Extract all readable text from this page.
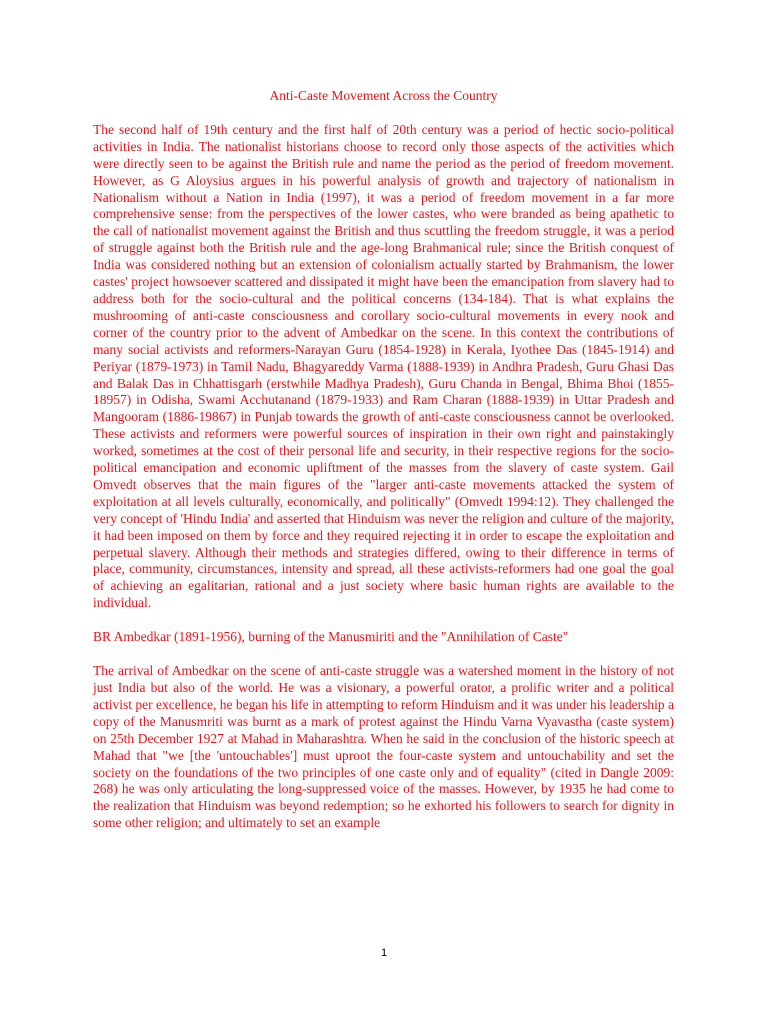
Anti-Caste Movement Across the Country

The second half of 19th century and the first half of 20th century was a period of hectic socio-political activities in India. The nationalist historians choose to record only those aspects of the activities which were directly seen to be against the British rule and name the period as the period of freedom movement. However, as G Aloysius argues in his powerful analysis of growth and trajectory of nationalism in Nationalism without a Nation in India (1997), it was a period of freedom movement in a far more comprehensive sense: from the perspectives of the lower castes, who were branded as being apathetic to the call of nationalist movement against the British and thus scuttling the freedom struggle, it was a period of struggle against both the British rule and the age-long Brahmanical rule; since the British conquest of India was considered nothing but an extension of colonialism actually started by Brahmanism, the lower castes' project howsoever scattered and dissipated it might have been the emancipation from slavery had to address both for the socio-cultural and the political concerns (134-184). That is what explains the mushrooming of anti-caste consciousness and corollary socio-cultural movements in every nook and corner of the country prior to the advent of Ambedkar on the scene. In this context the contributions of many social activists and reformers-Narayan Guru (1854-1928) in Kerala, Iyothee Das (1845-1914) and Periyar (1879-1973) in Tamil Nadu, Bhagyareddy Varma (1888-1939) in Andhra Pradesh, Guru Ghasi Das and Balak Das in Chhattisgarh (erstwhile Madhya Pradesh), Guru Chanda in Bengal, Bhima Bhoi (1855-18957) in Odisha, Swami Acchutanand (1879-1933) and Ram Charan (1888-1939) in Uttar Pradesh and Mangooram (1886-19867) in Punjab towards the growth of anti-caste consciousness cannot be overlooked. These activists and reformers were powerful sources of inspiration in their own right and painstakingly worked, sometimes at the cost of their personal life and security, in their respective regions for the socio-political emancipation and economic upliftment of the masses from the slavery of caste system. Gail Omvedt observes that the main figures of the "larger anti-caste movements attacked the system of exploitation at all levels culturally, economically, and politically" (Omvedt 1994:12). They challenged the very concept of 'Hindu India' and asserted that Hinduism was never the religion and culture of the majority, it had been imposed on them by force and they required rejecting it in order to escape the exploitation and perpetual slavery. Although their methods and strategies differed, owing to their difference in terms of place, community, circumstances, intensity and spread, all these activists-reformers had one goal the goal of achieving an egalitarian, rational and a just society where basic human rights are available to the individual.

BR Ambedkar (1891-1956), burning of the Manusmiriti and the "Annihilation of Caste"

The arrival of Ambedkar on the scene of anti-caste struggle was a watershed moment in the history of not just India but also of the world. He was a visionary, a powerful orator, a prolific writer and a political activist per excellence, he began his life in attempting to reform Hinduism and it was under his leadership a copy of the Manusmriti was burnt as a mark of protest against the Hindu Varna Vyavastha (caste system) on 25th December 1927 at Mahad in Maharashtra. When he said in the conclusion of the historic speech at Mahad that "we [the 'untouchables'] must uproot the four-caste system and untouchability and set the society on the foundations of the two principles of one caste only and of equality" (cited in Dangle 2009: 268) he was only articulating the long-suppressed voice of the masses. However, by 1935 he had come to the realization that Hinduism was beyond redemption; so he exhorted his followers to search for dignity in some other religion; and ultimately to set an example

1
